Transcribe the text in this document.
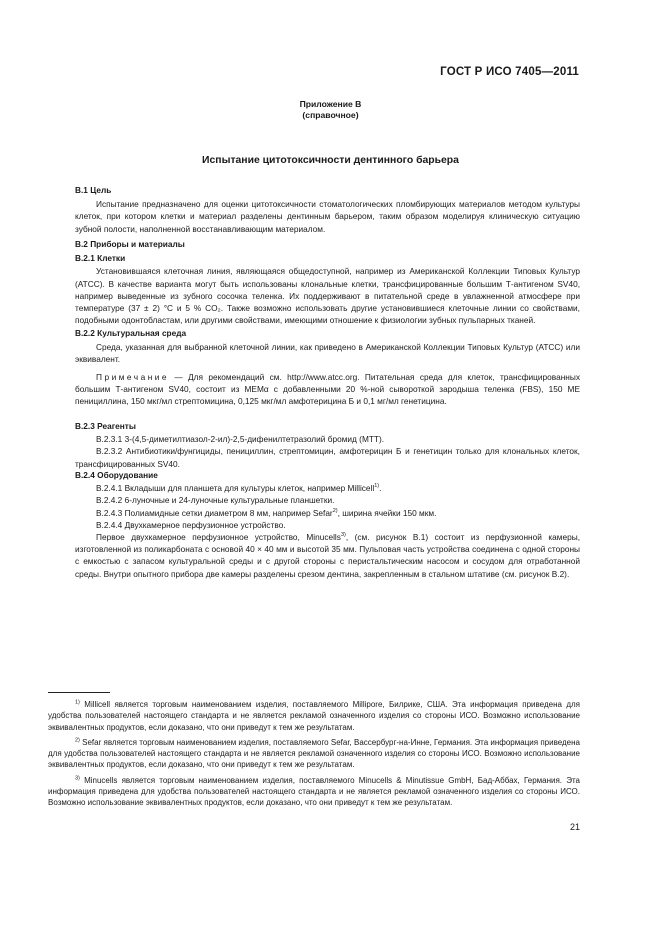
ГОСТ Р ИСО 7405—2011
Приложение В
(справочное)
Испытание цитотоксичности дентинного барьера

В.1 Цель

Испытание предназначено для оценки цитотоксичности стоматологических пломбирующих материалов методом культуры клеток, при котором клетки и материал разделены дентинным барьером, таким образом моделируя клиническую ситуацию зубной полости, наполненной восстанавливающим материалом.

В.2 Приборы и материалы

В.2.1 Клетки

Установившаяся клеточная линия, являющаяся общедоступной, например из Американской Коллекции Типовых Культур (АТСС). В качестве варианта могут быть использованы клональные клетки, трансфицированные большим Т-антигеном SV40, например выведенные из зубного сосочка теленка. Их поддерживают в питательной среде в увлажненной атмосфере при температуре (37 ± 2) °С и 5 % CO₂. Также возможно использовать другие установившиеся клеточные линии со свойствами, подобными одонтобластам, или другими свойствами, имеющими отношение к физиологии зубных пульпарных тканей.

В.2.2 Культуральная среда

Среда, указанная для выбранной клеточной линии, как приведено в Американской Коллекции Типовых Культур (АТСС) или эквивалент.

Примечание — Для рекомендаций см. http://www.atcc.org. Питательная среда для клеток, трансфицированных большим Т-антигеном SV40, состоит из MEMα с добавленными 20 %-ной сывороткой зародыша теленка (FBS), 150 МЕ пенициллина, 150 мкг/мл стрептомицина, 0,125 мкг/мл амфотерицина Б и 0,1 мг/мл генетицина.

В.2.3 Реагенты

В.2.3.1 3-(4,5-диметилтиазол-2-ил)-2,5-дифенилтетразолий бромид (МТТ).

В.2.3.2 Антибиотики/фунгициды, пенициллин, стрептомицин, амфотерицин Б и генетицин только для клональных клеток, трансфицированных SV40.

В.2.4 Оборудование

В.2.4.1 Вкладыши для планшета для культуры клеток, например Millicell$^{1)}$.

В.2.4.2 6-луночные и 24-луночные культуральные планшетки.

В.2.4.3 Полиамидные сетки диаметром 8 мм, например Sefar$^{2)}$, ширина ячейки 150 мкм.

В.2.4.4 Двухкамерное перфузионное устройство.

Первое двухкамерное перфузионное устройство, Minucells$^{3)}$, (см. рисунок В.1) состоит из перфузионной камеры, изготовленной из поликарбоната с основой 40 × 40 мм и высотой 35 мм. Пульповая часть устройства соединена с одной стороны с емкостью с запасом культуральной среды и с другой стороны с перистальтическим насосом и сосудом для отработанной среды. Внутри опытного прибора две камеры разделены срезом дентина, закрепленным в стальном штативе (см. рисунок В.2).

$^{1)}$ Millicell является торговым наименованием изделия, поставляемого Millipore, Билрике, США. Эта информация приведена для удобства пользователей настоящего стандарта и не является рекламой означенного изделия со стороны ИСО. Возможно использование эквивалентных продуктов, если доказано, что они приведут к тем же результатам.

$^{2)}$ Sefar является торговым наименованием изделия, поставляемого Sefar, Вассербург-на-Инне, Германия. Эта информация приведена для удобства пользователей настоящего стандарта и не является рекламой означенного изделия со стороны ИСО. Возможно использование эквивалентных продуктов, если доказано, что они приведут к тем же результатам.

$^{3)}$ Minucells является торговым наименованием изделия, поставляемого Minucells & Minutissue GmbH, Бад-Аббах, Германия. Эта информация приведена для удобства пользователей настоящего стандарта и не является рекламой означенного изделия со стороны ИСО. Возможно использование эквивалентных продуктов, если доказано, что они приведут к тем же результатам.

21
